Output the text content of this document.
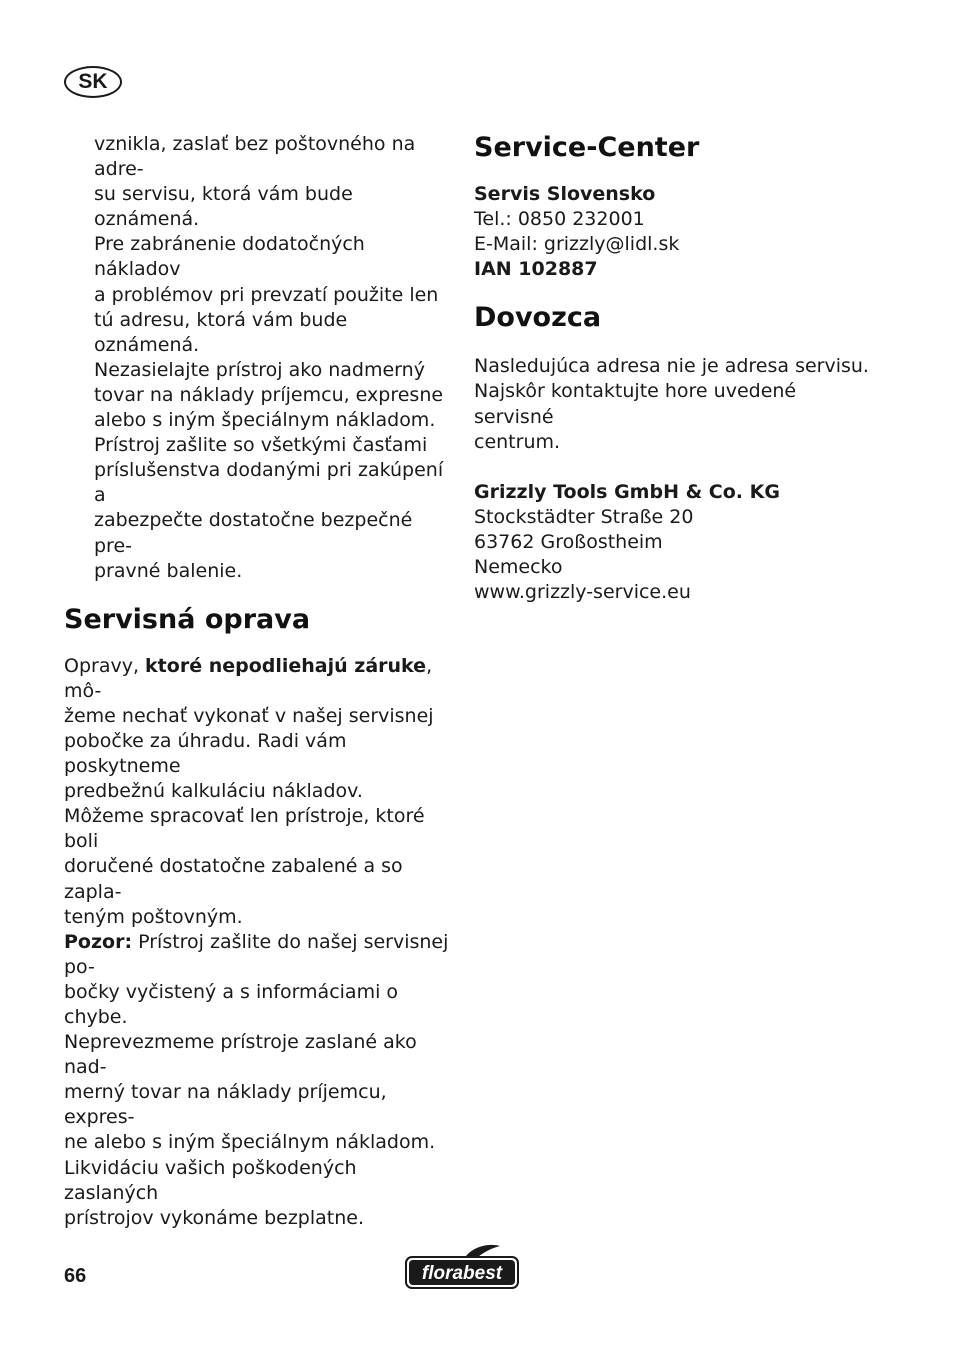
SK

vznikla, zaslať bez poštovného na adre-
su servisu, ktorá vám bude oznámená.
Pre zabránenie dodatočných nákladov
a problémov pri prevzatí použite len
tú adresu, ktorá vám bude oznámená.
Nezasielajte prístroj ako nadmerný
tovar na náklady príjemcu, expresne
alebo s iným špeciálnym nákladom.
Prístroj zašlite so všetkými časťami
príslušenstva dodanými pri zakúpení a
zabezpečte dostatočne bezpečné pre-
pravné balenie.

Servisná oprava

Opravy, ktoré nepodliehajú záruke, mô-
žeme nechať vykonať v našej servisnej
pobočke za úhradu. Radi vám poskytneme
predbežnú kalkuláciu nákladov.
Môžeme spracovať len prístroje, ktoré boli
doručené dostatočne zabalené a so zapla-
teným poštovným.

Pozor: Prístroj zašlite do našej servisnej po-
bočky vyčistený a s informáciami o chybe.
Neprevezmeme prístroje zaslané ako nad-
merný tovar na náklady príjemcu, expres-
ne alebo s iným špeciálnym nákladom.
Likvidáciu vašich poškodených zaslaných
prístrojov vykonáme bezplatne.

Service-Center
Servis Slovensko
Tel.: 0850 232001
E-Mail: grizzly@lidl.sk
IAN 102887
Dovozca

Nasledujúca adresa nie je adresa servisu.
Najskôr kontaktujte hore uvedené servisné
centrum.

Grizzly Tools GmbH & Co. KG
Stockstädter Straße 20
63762 Großostheim
Nemecko
www.grizzly-service.eu
66	florabest
